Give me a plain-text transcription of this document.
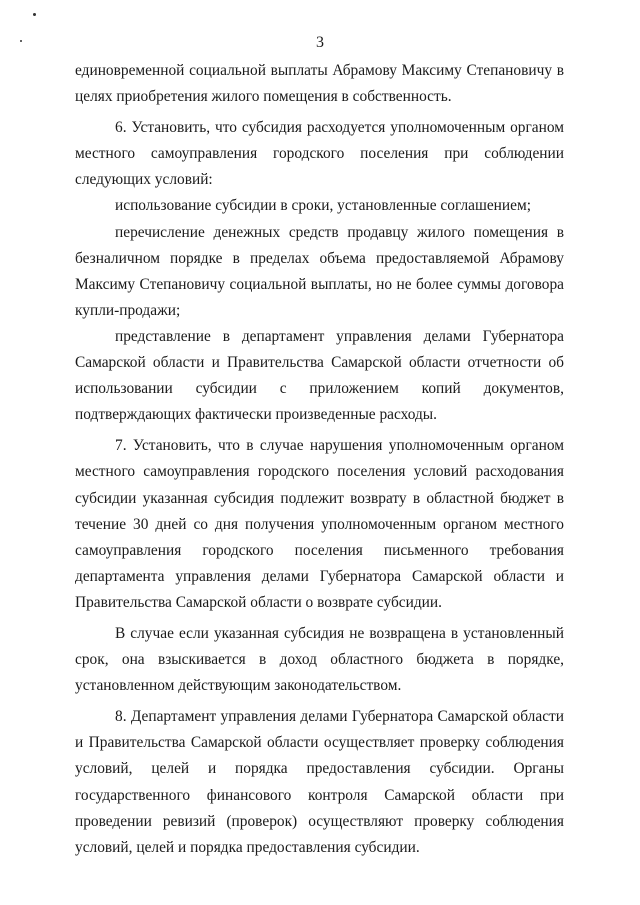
3

единовременной социальной выплаты Абрамову Максиму Степановичу в целях приобретения жилого помещения в собственность.

6. Установить, что субсидия расходуется уполномоченным органом местного самоуправления городского поселения при соблюдении следующих условий:

использование субсидии в сроки, установленные соглашением;

перечисление денежных средств продавцу жилого помещения в безналичном порядке в пределах объема предоставляемой Абрамову Максиму Степановичу социальной выплаты, но не более суммы договора купли-продажи;

представление в департамент управления делами Губернатора Самарской области и Правительства Самарской области отчетности об использовании субсидии с приложением копий документов, подтверждающих фактически произведенные расходы.

7. Установить, что в случае нарушения уполномоченным органом местного самоуправления городского поселения условий расходования субсидии указанная субсидия подлежит возврату в областной бюджет в течение 30 дней со дня получения уполномоченным органом местного самоуправления городского поселения письменного требования департамента управления делами Губернатора Самарской области и Правительства Самарской области о возврате субсидии.

В случае если указанная субсидия не возвращена в установленный срок, она взыскивается в доход областного бюджета в порядке, установленном действующим законодательством.

8. Департамент управления делами Губернатора Самарской области и Правительства Самарской области осуществляет проверку соблюдения условий, целей и порядка предоставления субсидии. Органы государственного финансового контроля Самарской области при проведении ревизий (проверок) осуществляют проверку соблюдения условий, целей и порядка предоставления субсидии.
